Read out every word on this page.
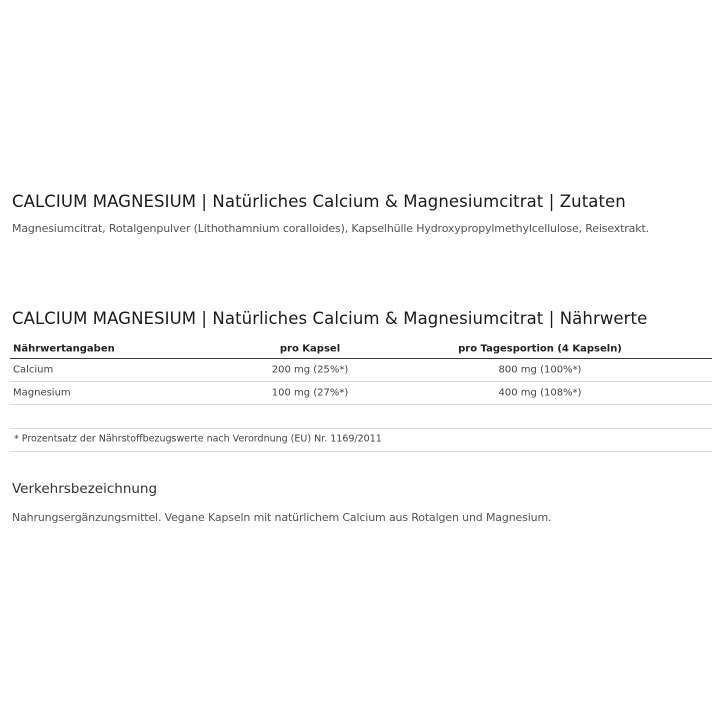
CALCIUM MAGNESIUM | Natürliches Calcium & Magnesiumcitrat | Zutaten
Magnesiumcitrat, Rotalgenpulver (Lithothamnium coralloides), Kapselhülle Hydroxypropylmethylcellulose, Reisextrakt.
CALCIUM MAGNESIUM | Natürliches Calcium & Magnesiumcitrat | Nährwerte
Nährwertangaben	pro Kapsel	pro Tagesportion (4 Kapseln)
Calcium	200 mg (25%*)	800 mg (100%*)
Magnesium	100 mg (27%*)	400 mg (108%*)
* Prozentsatz der Nährstoffbezugswerte nach Verordnung (EU) Nr. 1169/2011
Verkehrsbezeichnung
Nahrungsergänzungsmittel. Vegane Kapseln mit natürlichem Calcium aus Rotalgen und Magnesium.
